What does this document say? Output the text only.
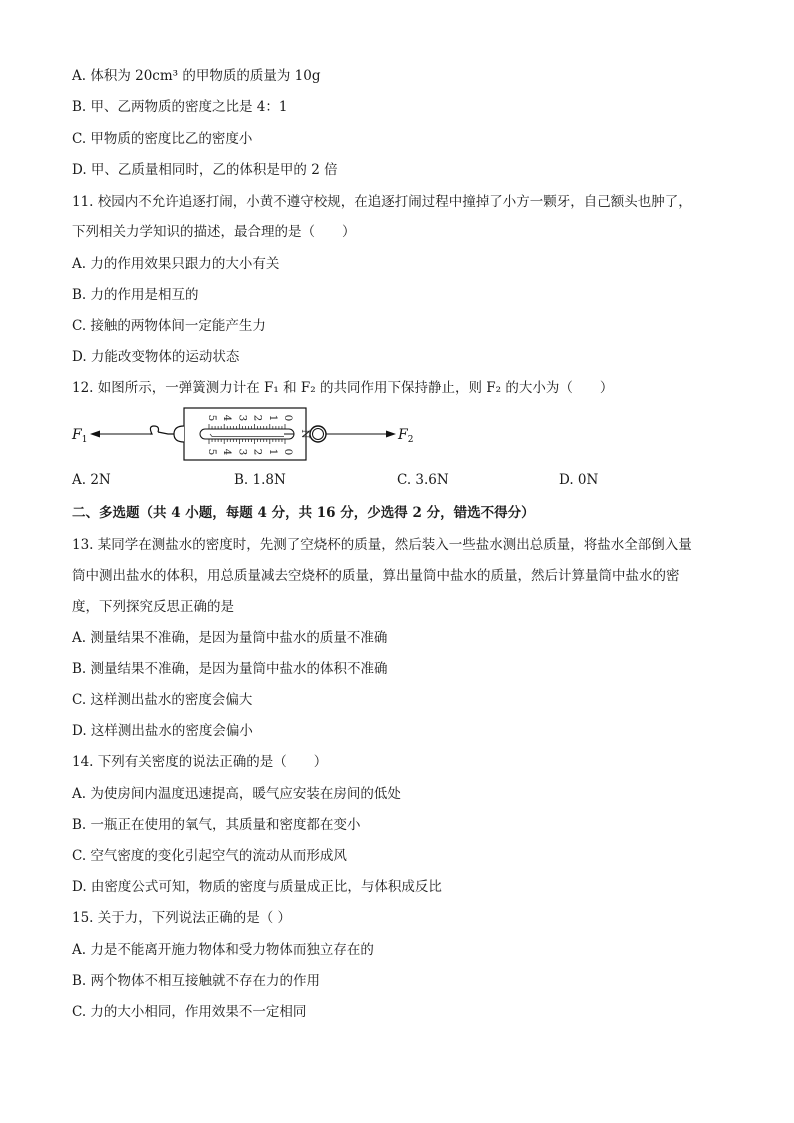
A. 体积为 20cm³ 的甲物质的质量为 10g
B. 甲、乙两物质的密度之比是 4：1
C. 甲物质的密度比乙的密度小
D. 甲、乙质量相同时，乙的体积是甲的 2 倍
11. 校园内不允许追逐打闹，小黄不遵守校规，在追逐打闹过程中撞掉了小方一颗牙，自己额头也肿了，
下列相关力学知识的描述，最合理的是（　　）
A. 力的作用效果只跟力的大小有关
B. 力的作用是相互的
C. 接触的两物体间一定能产生力
D. 力能改变物体的运动状态
12. 如图所示，一弹簧测力计在 F₁ 和 F₂ 的共同作用下保持静止，则 F₂ 的大小为（　　）
$F_1$
0
1
2
3
4
5
0
1
2
3
4
5
N	$F_2$
A. 2N	B. 1.8N	C. 3.6N	D. 0N
二、多选题（共 4 小题，每题 4 分，共 16 分，少选得 2 分，错选不得分）
13. 某同学在测盐水的密度时，先测了空烧杯的质量，然后装入一些盐水测出总质量，将盐水全部倒入量
筒中测出盐水的体积，用总质量减去空烧杯的质量，算出量筒中盐水的质量，然后计算量筒中盐水的密
度，下列探究反思正确的是
A. 测量结果不准确，是因为量筒中盐水的质量不准确
B. 测量结果不准确，是因为量筒中盐水的体积不准确
C. 这样测出盐水的密度会偏大
D. 这样测出盐水的密度会偏小
14. 下列有关密度的说法正确的是（　　）
A. 为使房间内温度迅速提高，暖气应安装在房间的低处
B. 一瓶正在使用的氧气，其质量和密度都在变小
C. 空气密度的变化引起空气的流动从而形成风
D. 由密度公式可知，物质的密度与质量成正比，与体积成反比
15. 关于力，下列说法正确的是（ ）
A. 力是不能离开施力物体和受力物体而独立存在的
B. 两个物体不相互接触就不存在力的作用
C. 力的大小相同，作用效果不一定相同
